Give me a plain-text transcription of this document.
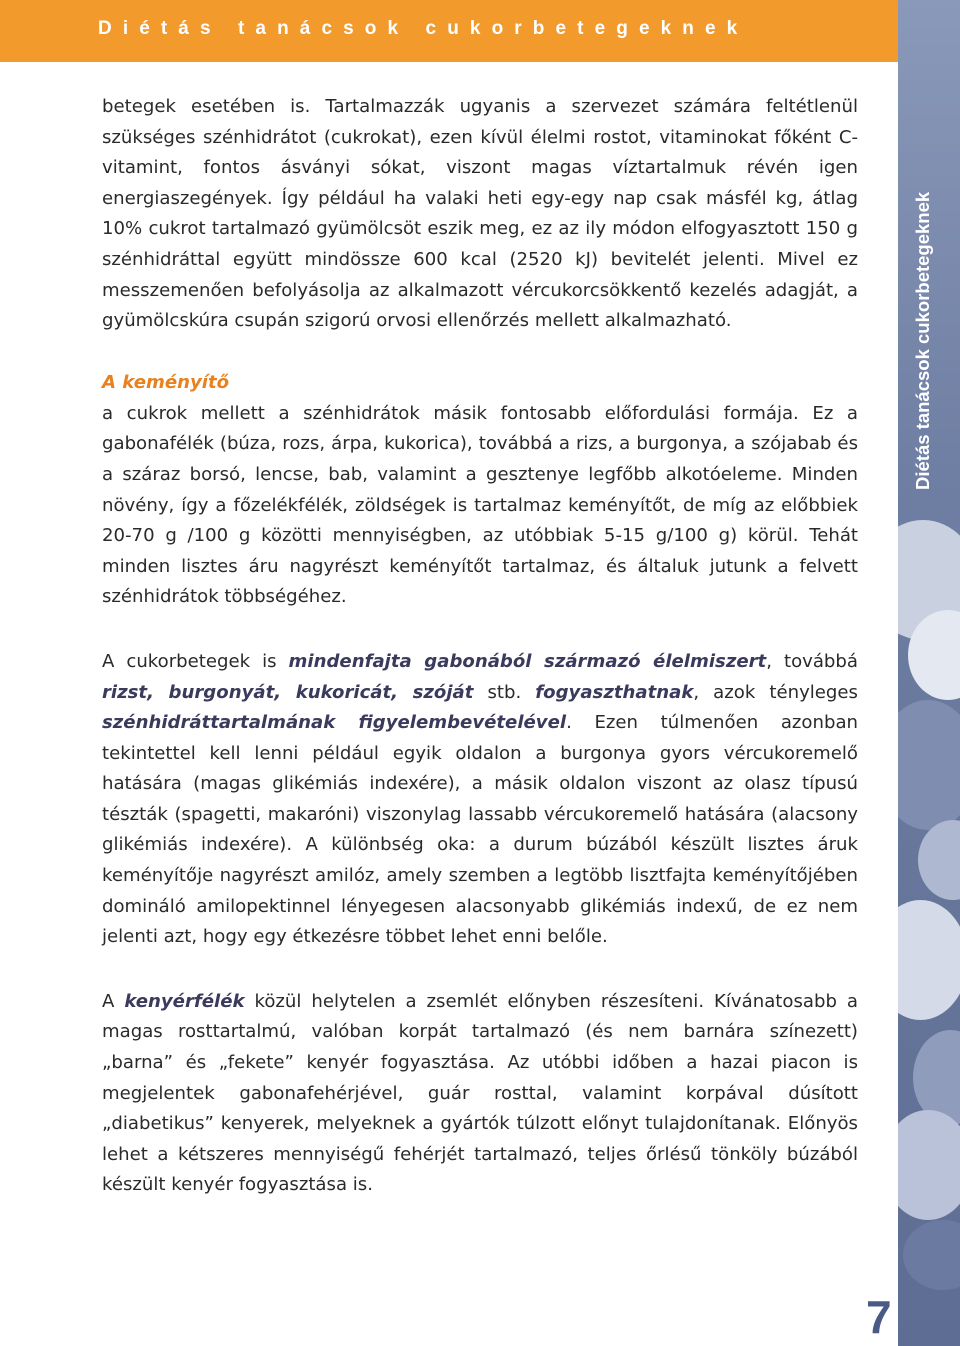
Diétás tanácsok cukorbetegeknek
Diétás tanácsok cukorbetegeknek

betegek esetében is. Tartalmazzák ugyanis a szervezet számára feltétlenül szükséges szénhidrátot (cukrokat), ezen kívül élelmi rostot, vitaminokat főként C-vitamint, fontos ásványi sókat, viszont magas víztartalmuk révén igen energiaszegények. Így például ha valaki heti egy-egy nap csak másfél kg, átlag 10% cukrot tartalmazó gyümölcsöt eszik meg, ez az ily módon elfogyasztott 150 g szénhidráttal együtt mindössze 600 kcal (2520 kJ) bevitelét jelenti. Mivel ez messzemenően befolyásolja az alkalmazott vércukorcsökkentő kezelés adagját, a gyümölcskúra csupán szigorú orvosi ellenőrzés mellett alkalmazható.

A keményítő

a cukrok mellett a szénhidrátok másik fontosabb előfordulási formája. Ez a gabonafélék (búza, rozs, árpa, kukorica), továbbá a rizs, a burgonya, a szójabab és a száraz borsó, lencse, bab, valamint a gesztenye legfőbb alkotóeleme. Minden növény, így a főzelékfélék, zöldségek is tartalmaz keményítőt, de míg az előbbiek 20-70 g /100 g közötti mennyiségben, az utóbbiak 5-15 g/100 g) körül. Tehát minden lisztes áru nagyrészt keményítőt tartalmaz, és általuk jutunk a felvett szénhidrátok többségéhez.

A cukorbetegek is mindenfajta gabonából származó élelmiszert, továbbá rizst, burgonyát, kukoricát, szóját stb. fogyaszthatnak, azok tényleges szénhidráttartalmának figyelembevételével. Ezen túlmenően azonban tekintettel kell lenni például egyik oldalon a burgonya gyors vércukoremelő hatására (magas glikémiás indexére), a másik oldalon viszont az olasz típusú tészták (spagetti, makaróni) viszonylag lassabb vércukoremelő hatására (alacsony glikémiás indexére). A különbség oka: a durum búzából készült lisztes áruk keményítője nagyrészt amilóz, amely szemben a legtöbb lisztfajta keményítőjében domináló amilopektinnel lényegesen alacsonyabb glikémiás indexű, de ez nem jelenti azt, hogy egy étkezésre többet lehet enni belőle.

A kenyérfélék közül helytelen a zsemlét előnyben részesíteni. Kívánatosabb a magas rosttartalmú, valóban korpát tartalmazó (és nem barnára színezett) „barna” és „fekete” kenyér fogyasztása. Az utóbbi időben a hazai piacon is megjelentek gabonafehérjével, guár rosttal, valamint korpával dúsított „diabetikus” kenyerek, melyeknek a gyártók túlzott előnyt tulajdonítanak. Előnyös lehet a kétszeres mennyiségű fehérjét tartalmazó, teljes őrlésű tönköly búzából készült kenyér fogyasztása is.

7
